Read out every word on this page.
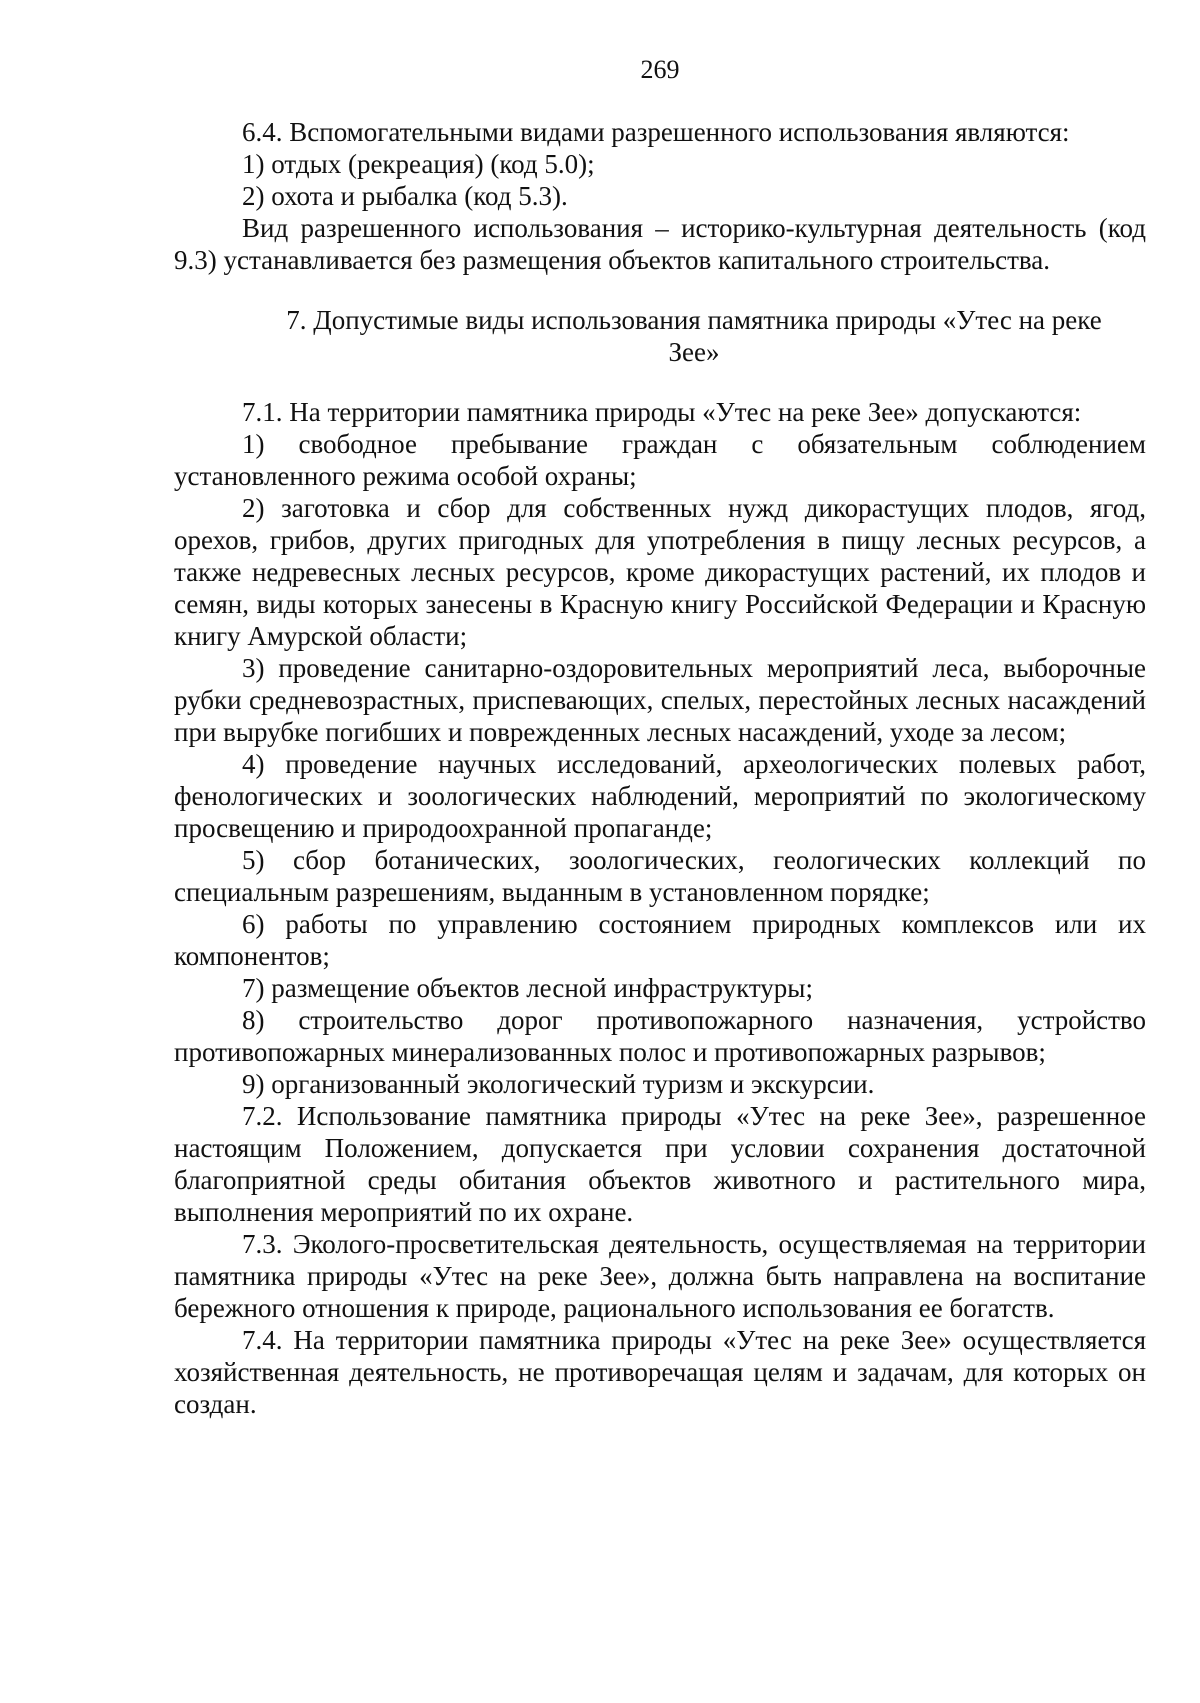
269

6.4. Вспомогательными видами разрешенного использования являются:

1) отдых (рекреация) (код 5.0);

2) охота и рыбалка (код 5.3).

Вид разрешенного использования – историко-культурная деятельность (код 9.3) устанавливается без размещения объектов капитального строительства.

7. Допустимые виды использования памятника природы «Утес на реке
Зее»

7.1. На территории памятника природы «Утес на реке Зее» допускаются:

1) свободное пребывание граждан с обязательным соблюдением установленного режима особой охраны;

2) заготовка и сбор для собственных нужд дикорастущих плодов, ягод, орехов, грибов, других пригодных для употребления в пищу лесных ресурсов, а также недревесных лесных ресурсов, кроме дикорастущих растений, их плодов и семян, виды которых занесены в Красную книгу Российской Федерации и Красную книгу Амурской области;

3) проведение санитарно-оздоровительных мероприятий леса, выборочные рубки средневозрастных, приспевающих, спелых, перестойных лесных насаждений при вырубке погибших и поврежденных лесных насаждений, уходе за лесом;

4) проведение научных исследований, археологических полевых работ, фенологических и зоологических наблюдений, мероприятий по экологическому просвещению и природоохранной пропаганде;

5) сбор ботанических, зоологических, геологических коллекций по специальным разрешениям, выданным в установленном порядке;

6) работы по управлению состоянием природных комплексов или их компонентов;

7) размещение объектов лесной инфраструктуры;

8) строительство дорог противопожарного назначения, устройство противопожарных минерализованных полос и противопожарных разрывов;

9) организованный экологический туризм и экскурсии.

7.2. Использование памятника природы «Утес на реке Зее», разрешенное настоящим Положением, допускается при условии сохранения достаточной благоприятной среды обитания объектов животного и растительного мира, выполнения мероприятий по их охране.

7.3. Эколого-просветительская деятельность, осуществляемая на территории памятника природы «Утес на реке Зее», должна быть направлена на воспитание бережного отношения к природе, рационального использования ее богатств.

7.4. На территории памятника природы «Утес на реке Зее» осуществляется хозяйственная деятельность, не противоречащая целям и задачам, для которых он создан.
